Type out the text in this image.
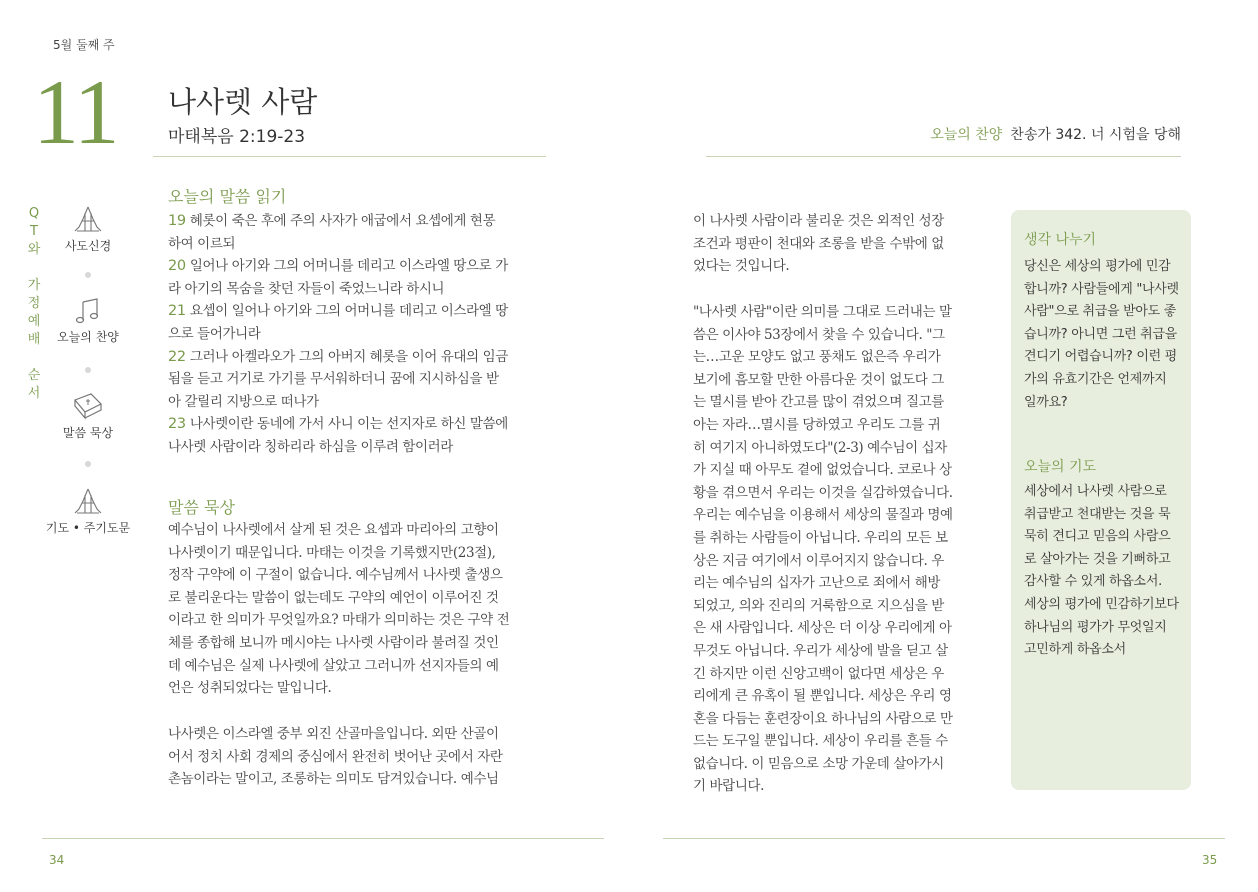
5월 둘째 주
11 나사렛 사람
마태복음 2:19-23	오늘의 찬양 찬송가 342. 너 시험을 당해
Q
T
와

가
정
예
배

순
서
사도신경
오늘의 찬양
말씀 묵상
기도 • 주기도문
오늘의 말씀 읽기
19 혜롯이 죽은 후에 주의 사자가 애굽에서 요셉에게 현몽
하여 이르되
20 일어나 아기와 그의 어머니를 데리고 이스라엘 땅으로 가
라 아기의 목숨을 찾던 자들이 죽었느니라 하시니
21 요셉이 일어나 아기와 그의 어머니를 데리고 이스라엘 땅
으로 들어가니라
22 그러나 아켈라오가 그의 아버지 혜롯을 이어 유대의 임금
됨을 듣고 거기로 가기를 무서워하더니 꿈에 지시하심을 받
아 갈릴리 지방으로 떠나가
23 나사렛이란 동네에 가서 사니 이는 선지자로 하신 말씀에
나사렛 사람이라 칭하리라 하심을 이루려 함이러라
말씀 묵상
예수님이 나사렛에서 살게 된 것은 요셉과 마리아의 고향이
나사렛이기 때문입니다. 마태는 이것을 기록했지만(23절),
정작 구약에 이 구절이 없습니다. 예수님께서 나사렛 출생으
로 불리운다는 말씀이 없는데도 구약의 예언이 이루어진 것
이라고 한 의미가 무엇일까요? 마태가 의미하는 것은 구약 전
체를 종합해 보니까 메시야는 나사렛 사람이라 불려질 것인
데 예수님은 실제 나사렛에 살았고 그러니까 선지자들의 예
언은 성취되었다는 말입니다.
나사렛은 이스라엘 중부 외진 산골마을입니다. 외딴 산골이
어서 정치 사회 경제의 중심에서 완전히 벗어난 곳에서 자란
촌놈이라는 말이고, 조롱하는 의미도 담겨있습니다. 예수님
이 나사렛 사람이라 불리운 것은 외적인 성장
조건과 평판이 천대와 조롱을 받을 수밖에 없
었다는 것입니다.
"나사렛 사람"이란 의미를 그대로 드러내는 말
씀은 이사야 53장에서 찾을 수 있습니다. "그
는…고운 모양도 없고 풍채도 없은즉 우리가
보기에 흠모할 만한 아름다운 것이 없도다 그
는 멸시를 받아 간고를 많이 겪었으며 질고를
아는 자라…멸시를 당하였고 우리도 그를 귀
히 여기지 아니하였도다"(2-3) 예수님이 십자
가 지실 때 아무도 곁에 없었습니다. 코로나 상
황을 겪으면서 우리는 이것을 실감하였습니다.
우리는 예수님을 이용해서 세상의 물질과 명예
를 취하는 사람들이 아닙니다. 우리의 모든 보
상은 지금 여기에서 이루어지지 않습니다. 우
리는 예수님의 십자가 고난으로 죄에서 해방
되었고, 의와 진리의 거룩함으로 지으심을 받
은 새 사람입니다. 세상은 더 이상 우리에게 아
무것도 아닙니다. 우리가 세상에 발을 딛고 살
긴 하지만 이런 신앙고백이 없다면 세상은 우
리에게 큰 유혹이 될 뿐입니다. 세상은 우리 영
혼을 다듬는 훈련장이요 하나님의 사람으로 만
드는 도구일 뿐입니다. 세상이 우리를 흔들 수
없습니다. 이 믿음으로 소망 가운데 살아가시
기 바랍니다.
생각 나누기
당신은 세상의 평가에 민감
합니까? 사람들에게 "나사렛
사람"으로 취급을 받아도 좋
습니까? 아니면 그런 취급을
견디기 어렵습니까? 이런 평
가의 유효기간은 언제까지
일까요?
오늘의 기도
세상에서 나사렛 사람으로
취급받고 천대받는 것을 묵
묵히 견디고 믿음의 사람으
로 살아가는 것을 기뻐하고
감사할 수 있게 하옵소서.
세상의 평가에 민감하기보다
하나님의 평가가 무엇일지
고민하게 하옵소서
34	35
